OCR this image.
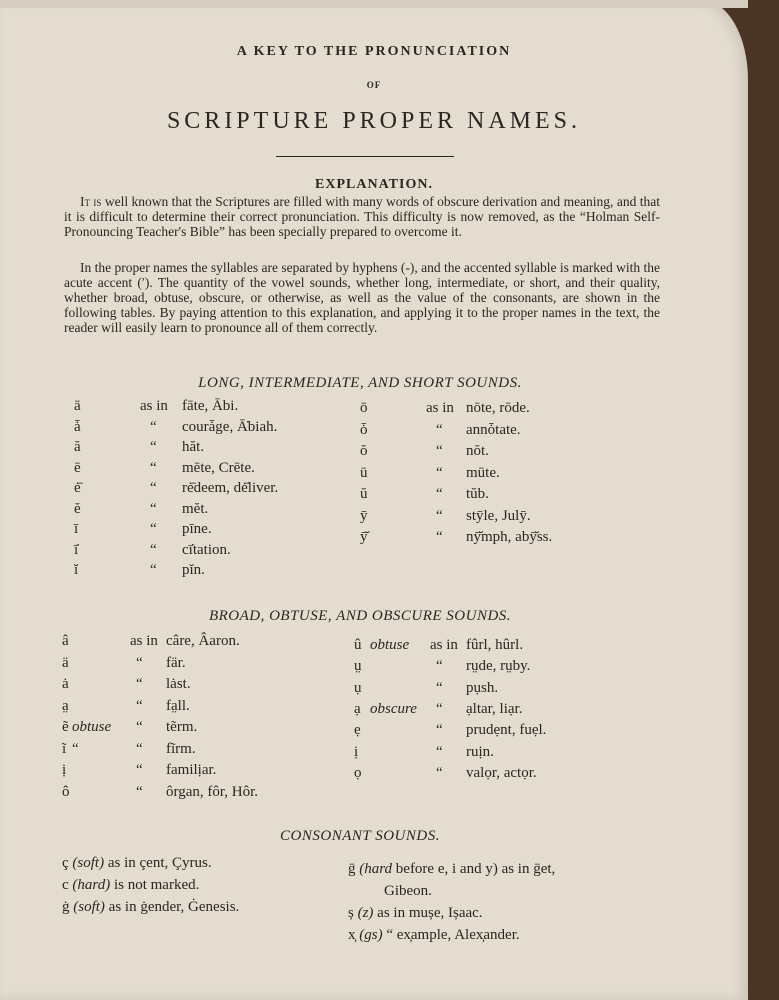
A KEY TO THE PRONUNCIATION
OF
SCRIPTURE PROPER NAMES.
EXPLANATION.

It is well known that the Scriptures are filled with many words of obscure derivation and meaning, and that it is difficult to determine their correct pronunciation. This difficulty is now removed, as the “Holman Self-Pronouncing Teacher's Bible” has been specially prepared to overcome it.

In the proper names the syllables are separated by hyphens (-), and the accented syllable is marked with the acute accent (′). The quantity of the vowel sounds, whether long, intermediate, or short, and their quality, whether broad, obtuse, obscure, or otherwise, as well as the value of the consonants, are shown in the following tables. By paying attention to this explanation, and applying it to the proper names in the text, the reader will easily learn to pronounce all of them correctly.

LONG, INTERMEDIATE, AND SHORT SOUNDS.
ā	as in fāte, Ābi.
ǡ	“ courǡge, Ā̇biah.
ă	“ hăt.
ē	“ mēte, Crēte.
ė̄	“ rė̄deem, dė̄liver.
ĕ	“ mĕt.
ī	“ pīne.
ī̇	“ cī̇tation.
ĭ	“ pĭn.
ō	as in nōte, rōde.
ȱ	“ annȱtate.
ŏ	“ nŏt.
ū	“ mūte.
ŭ	“ tŭb.
ȳ	“ stȳle, Julȳ.
ȳ̆	“ nȳ̆mph, abȳ̆ss.
BROAD, OBTUSE, AND OBSCURE SOUNDS.
â	as in câre, Âaron.
ä	“ fär.
ȧ	“ lȧst.
a̤	“ fa̤ll.
ẽ obtuse “ tẽrm.
ĩ “	“ fĩrm.
ị	“ familịar.
ô	“ ôrgan, fôr, Hôr.
û obtuse as in fûrl, hûrl.
ṳ	“ rṳde, rṳby.
ụ	“ pụsh.
ạ obscure “ ạltar, liạr.
ẹ	“ prudẹnt, fuẹl.
ị	“ ruịn.
ọ	“ valọr, actọr.
CONSONANT SOUNDS.
ç (soft) as in çent, Çyrus.
c (hard) is not marked.
ġ (soft) as in ġender, Ġenesis.
ḡ (hard before e, i and y) as in ḡet,
Gibeon.
ș (z) as in mușe, Ișaac.
x̦ (gs) “ ex̦ample, Alex̦ander.
